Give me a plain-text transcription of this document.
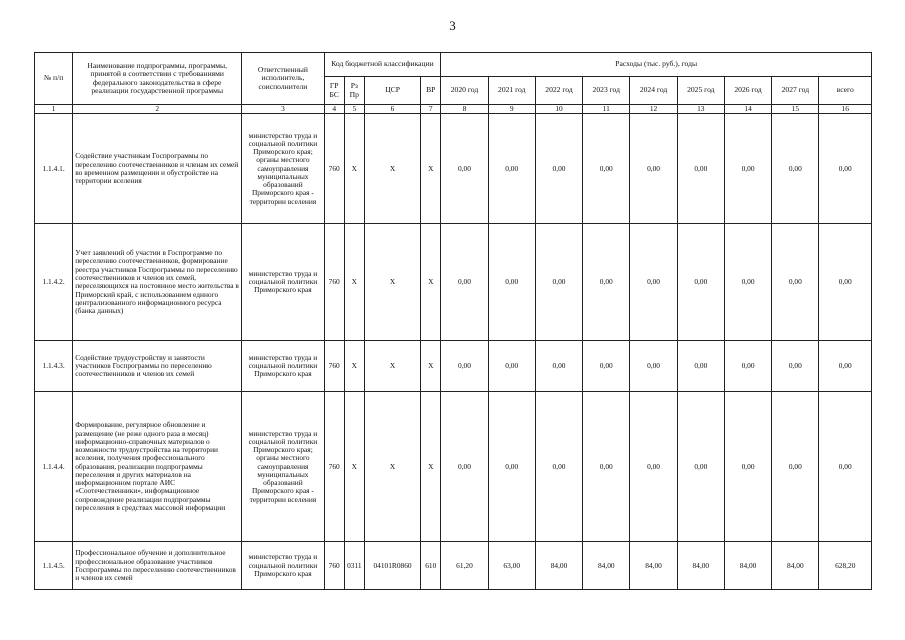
3
№ п/п	Наименование подпрограммы, программы, принятой в соответствии с требованиями федерального законодательства в сфере реализации государственной программы	Ответственный исполнитель, соисполнители	Код бюджетной классификации				Расходы (тыс. руб.), годы								
			ГР БС	Рз Пр	ЦСР	ВР	2020 год	2021 год	2022 год	2023 год	2024 год	2025 год	2026 год	2027 год	всего
1	2	3	4	5	6	7	8	9	10	11	12	13	14	15	16
1.1.4.1.	Содействие участникам Госпрограммы по переселению соотечественников и членам их семей во временном размещении и обустройстве на территории вселения	министерство труда и социальной политики Приморского края; органы местного самоуправления муниципальных образований Приморского края - территории вселения	760	Х	Х	Х	0,00	0,00	0,00	0,00	0,00	0,00	0,00	0,00	0,00
1.1.4.2.	Учет заявлений об участии в Госпрограмме по переселению соотечественников, формирование реестра участников Госпрограммы по переселению соотечественников и членов их семей, переселяющихся на постоянное место жительства в Приморский край, с использованием единого централизованного информационного ресурса (банка данных)	министерство труда и социальной политики Приморского края	760	Х	Х	Х	0,00	0,00	0,00	0,00	0,00	0,00	0,00	0,00	0,00
1.1.4.3.	Содействие трудоустройству и занятости участников Госпрограммы по переселению соотечественников и членов их семей	министерство труда и социальной политики Приморского края	760	Х	Х	Х	0,00	0,00	0,00	0,00	0,00	0,00	0,00	0,00	0,00
1.1.4.4.	Формирование, регулярное обновление и размещение (не реже одного раза в месяц) информационно-справочных материалов о возможности трудоустройства на территории вселения, получения профессионального образования, реализации подпрограммы переселения и других материалов на информационном портале АИС «Соотечественники», информационное сопровождение реализации подпрограммы переселения в средствах массовой информации	министерство труда и социальной политики Приморского края; органы местного самоуправления муниципальных образований Приморского края - территории вселения	760	Х	Х	Х	0,00	0,00	0,00	0,00	0,00	0,00	0,00	0,00	0,00
1.1.4.5.	Профессиональное обучение и дополнительное профессиональное образование участников Госпрограммы по переселению соотечественников и членов их семей	министерство труда и социальной политики Приморского края	760	0311	04101R0860	610	61,20	63,00	84,00	84,00	84,00	84,00	84,00	84,00	628,20
